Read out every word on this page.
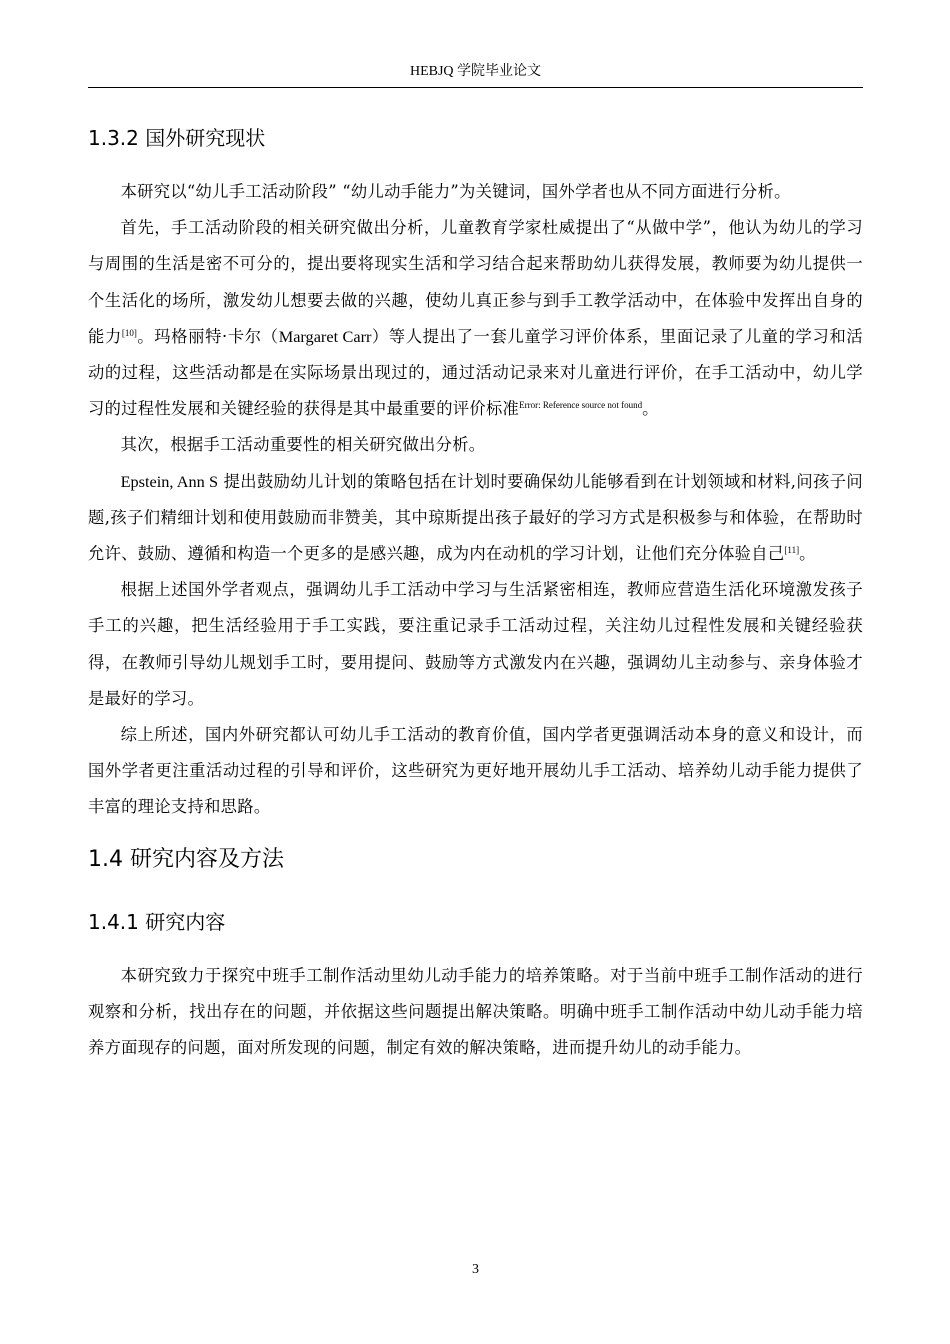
HEBJQ 学院毕业论文
1.3.2 国外研究现状

本研究以“幼儿手工活动阶段” “幼儿动手能力”为关键词，国外学者也从不同方面进行分析。

首先，手工活动阶段的相关研究做出分析，儿童教育学家杜威提出了“从做中学”，他认为幼儿的学习与周围的生活是密不可分的，提出要将现实生活和学习结合起来帮助幼儿获得发展，教师要为幼儿提供一个生活化的场所，激发幼儿想要去做的兴趣，使幼儿真正参与到手工教学活动中，在体验中发挥出自身的能力[10]。玛格丽特·卡尔（Margaret Carr）等人提出了一套儿童学习评价体系，里面记录了儿童的学习和活动的过程，这些活动都是在实际场景出现过的，通过活动记录来对儿童进行评价，在手工活动中，幼儿学习的过程性发展和关键经验的获得是其中最重要的评价标准$^{Error: Reference source not found}$。

其次，根据手工活动重要性的相关研究做出分析。

Epstein, Ann S 提出鼓励幼儿计划的策略包括在计划时要确保幼儿能够看到在计划领域和材料,问孩子问题,孩子们精细计划和使用鼓励而非赞美，其中琼斯提出孩子最好的学习方式是积极参与和体验，在帮助时允许、鼓励、遵循和构造一个更多的是感兴趣，成为内在动机的学习计划，让他们充分体验自己[11]。

根据上述国外学者观点，强调幼儿手工活动中学习与生活紧密相连，教师应营造生活化环境激发孩子手工的兴趣，把生活经验用于手工实践，要注重记录手工活动过程，关注幼儿过程性发展和关键经验获得，在教师引导幼儿规划手工时，要用提问、鼓励等方式激发内在兴趣，强调幼儿主动参与、亲身体验才是最好的学习。

综上所述，国内外研究都认可幼儿手工活动的教育价值，国内学者更强调活动本身的意义和设计，而国外学者更注重活动过程的引导和评价，这些研究为更好地开展幼儿手工活动、培养幼儿动手能力提供了丰富的理论支持和思路。

1.4 研究内容及方法
1.4.1 研究内容

本研究致力于探究中班手工制作活动里幼儿动手能力的培养策略。对于当前中班手工制作活动的进行观察和分析，找出存在的问题，并依据这些问题提出解决策略。明确中班手工制作活动中幼儿动手能力培养方面现存的问题，面对所发现的问题，制定有效的解决策略，进而提升幼儿的动手能力。

3
